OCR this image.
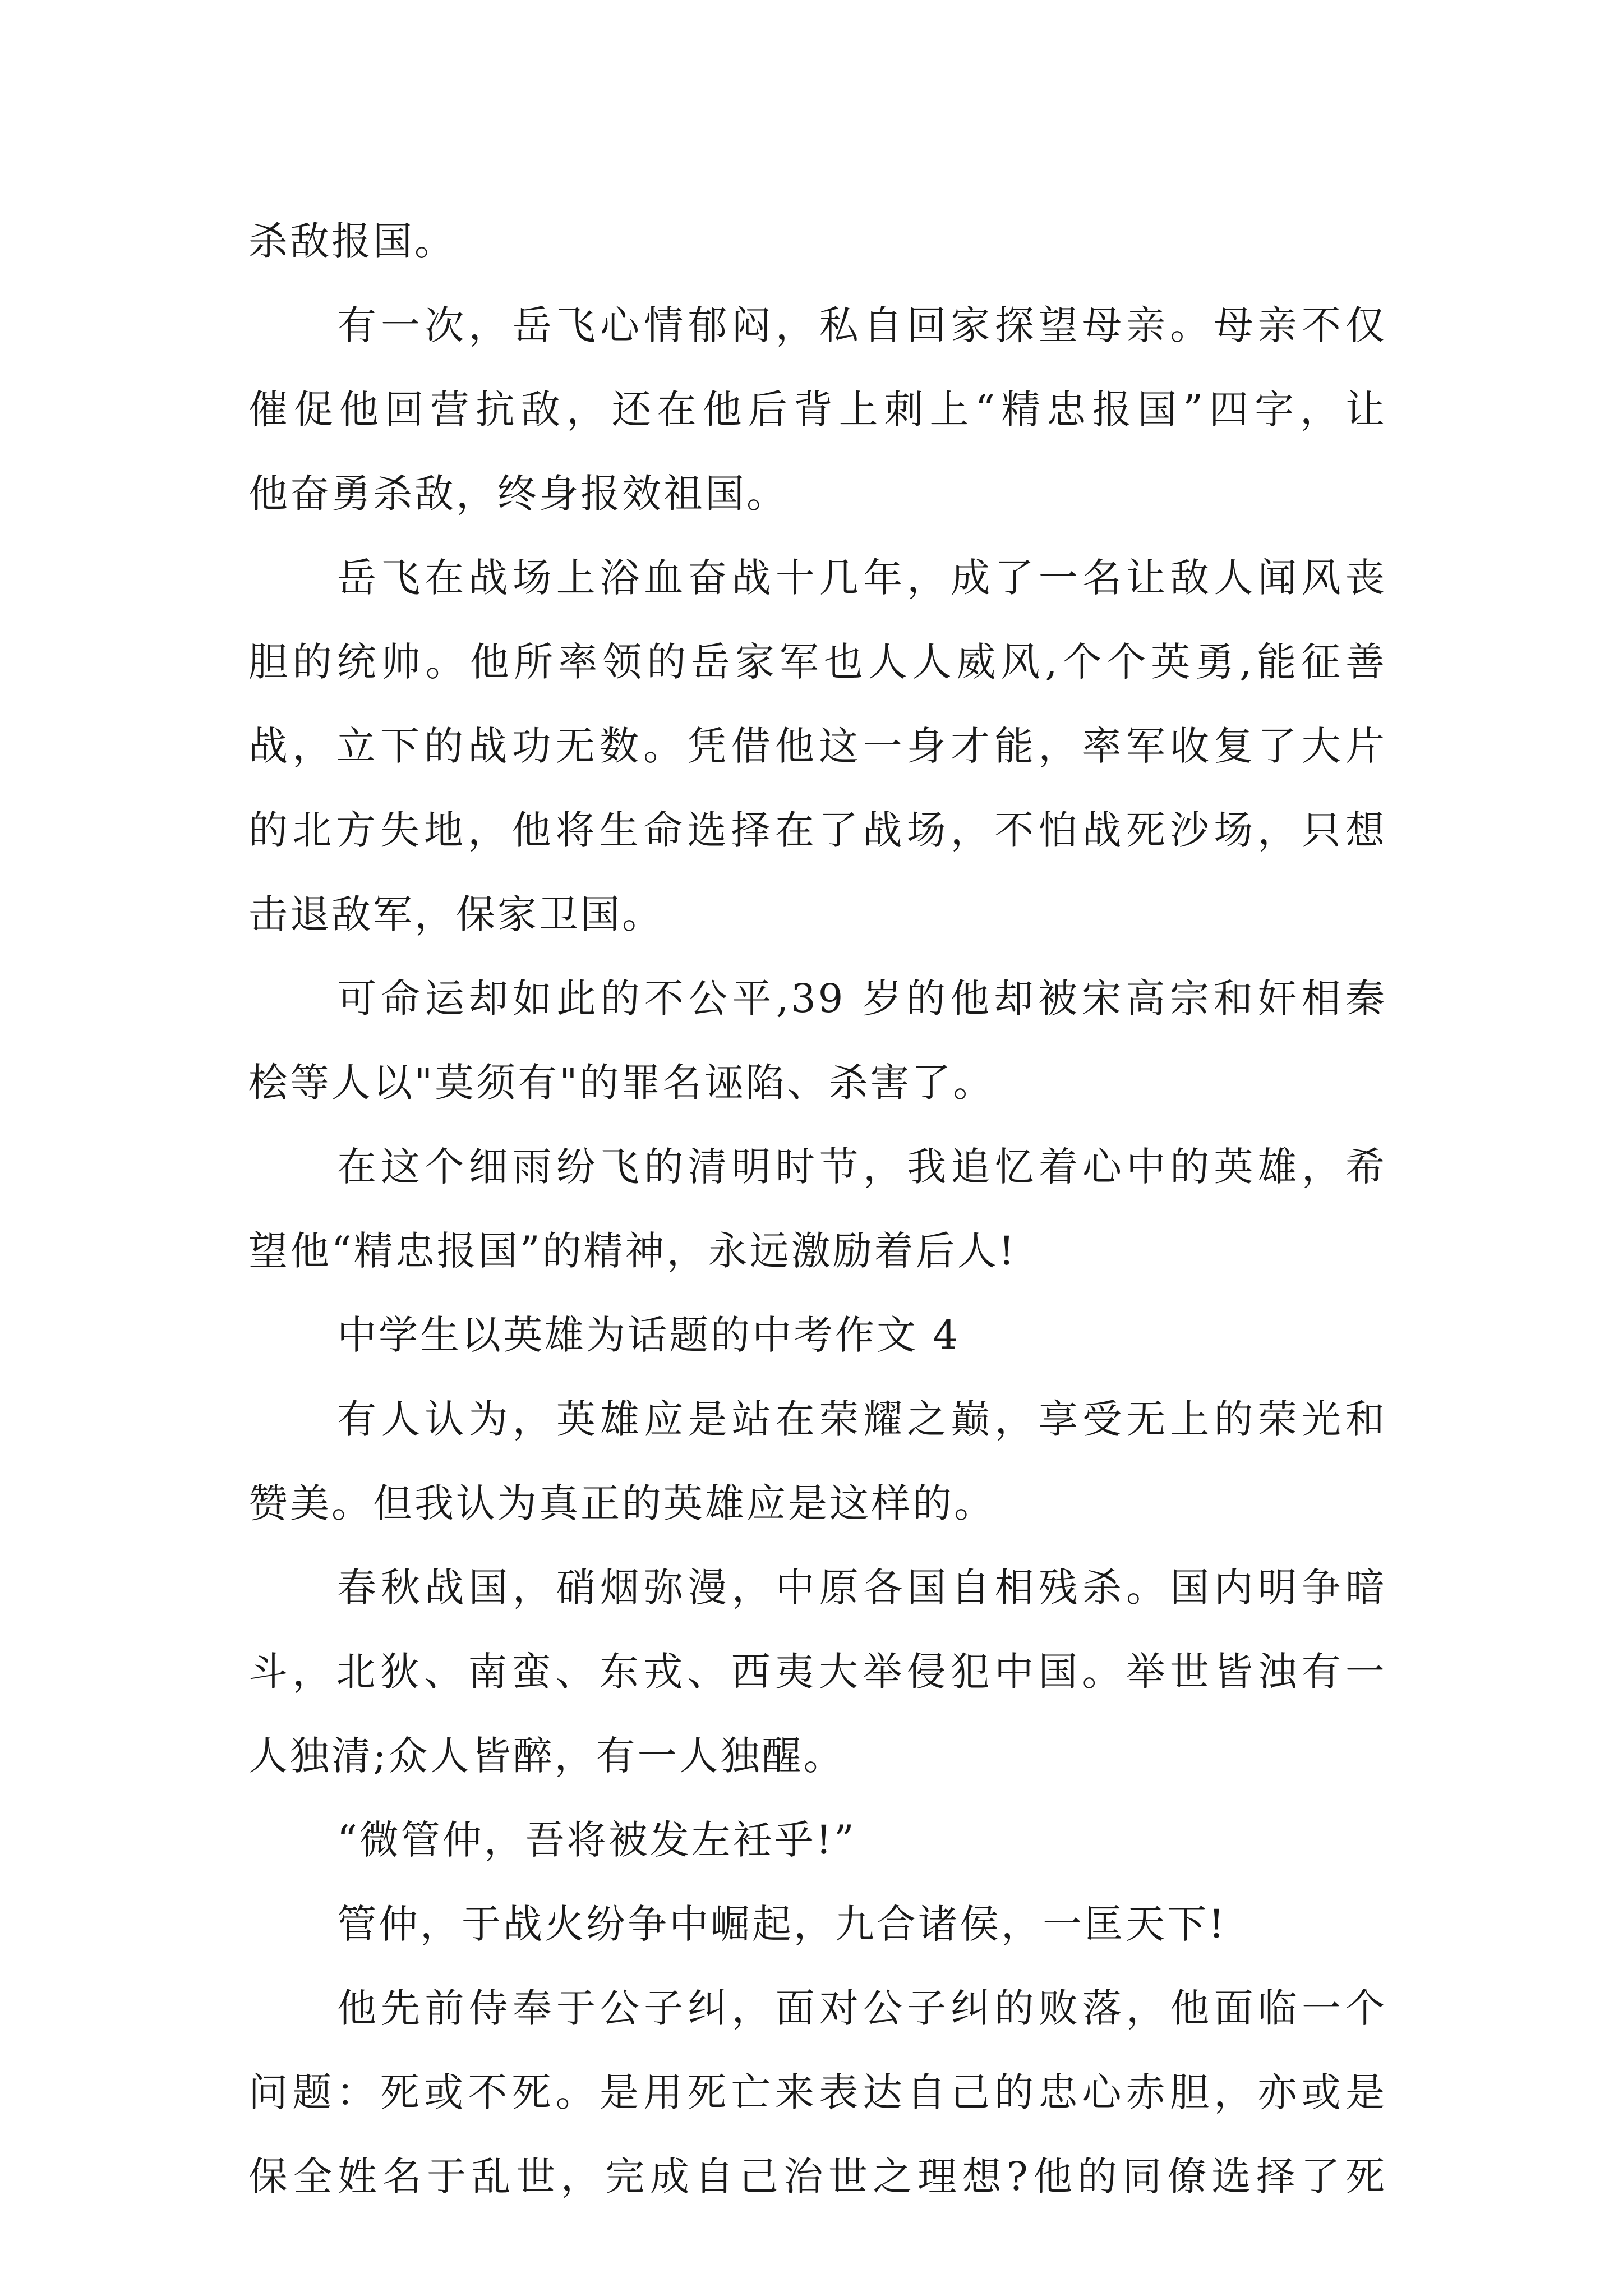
杀敌报国。
有一次，岳飞心情郁闷，私自回家探望母亲。母亲不仅
催促他回营抗敌，还在他后背上刺上“精忠报国”四字，让
他奋勇杀敌，终身报效祖国。
岳飞在战场上浴血奋战十几年，成了一名让敌人闻风丧
胆的统帅。他所率领的岳家军也人人威风,个个英勇,能征善
战，立下的战功无数。凭借他这一身才能，率军收复了大片
的北方失地，他将生命选择在了战场，不怕战死沙场，只想
击退敌军，保家卫国。
可命运却如此的不公平,39 岁的他却被宋高宗和奸相秦
桧等人以"莫须有"的罪名诬陷、杀害了。
在这个细雨纷飞的清明时节，我追忆着心中的英雄，希
望他“精忠报国”的精神，永远激励着后人!
中学生以英雄为话题的中考作文 4
有人认为，英雄应是站在荣耀之巅，享受无上的荣光和
赞美。但我认为真正的英雄应是这样的。
春秋战国，硝烟弥漫，中原各国自相残杀。国内明争暗
斗，北狄、南蛮、东戎、西夷大举侵犯中国。举世皆浊有一
人独清;众人皆醉，有一人独醒。
“微管仲，吾将被发左衽乎!”
管仲，于战火纷争中崛起，九合诸侯，一匡天下!
他先前侍奉于公子纠，面对公子纠的败落，他面临一个
问题：死或不死。是用死亡来表达自己的忠心赤胆，亦或是
保全姓名于乱世，完成自己治世之理想?他的同僚选择了死
